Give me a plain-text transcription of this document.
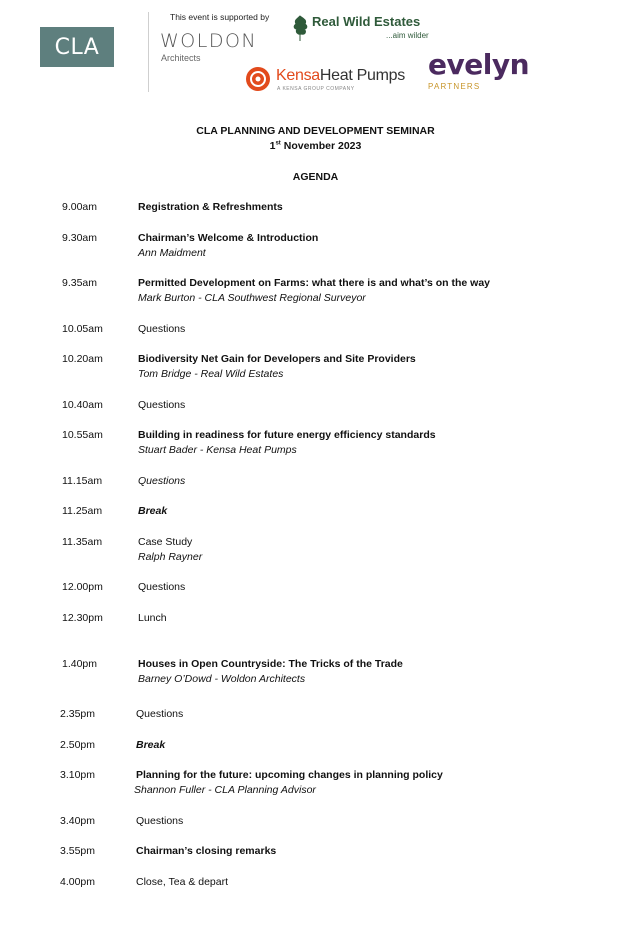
CLA
This event is supported by
WOLDON
Architects
Real Wild Estates
...aim wilder
KensaHeat Pumps
A KENSA GROUP COMPANY
evelyn
PARTNERS
CLA PLANNING AND DEVELOPMENT SEMINAR
1st November 2023
AGENDA
9.00am	Registration & Refreshments
9.30am	Chairman’s Welcome & Introduction
Ann Maidment
9.35am	Permitted Development on Farms: what there is and what’s on the way
Mark Burton - CLA Southwest Regional Surveyor
10.05am	Questions
10.20am	Biodiversity Net Gain for Developers and Site Providers
Tom Bridge - Real Wild Estates
10.40am	Questions
10.55am	Building in readiness for future energy efficiency standards
Stuart Bader - Kensa Heat Pumps
11.15am	Questions
11.25am	Break
11.35am	Case Study
Ralph Rayner
12.00pm	Questions
12.30pm	Lunch
1.40pm	Houses in Open Countryside: The Tricks of the Trade
Barney O’Dowd - Woldon Architects
2.35pm	Questions
2.50pm	Break
3.10pm	Planning for the future: upcoming changes in planning policy
Shannon Fuller - CLA Planning Advisor
3.40pm	Questions
3.55pm	Chairman’s closing remarks
4.00pm	Close, Tea & depart
